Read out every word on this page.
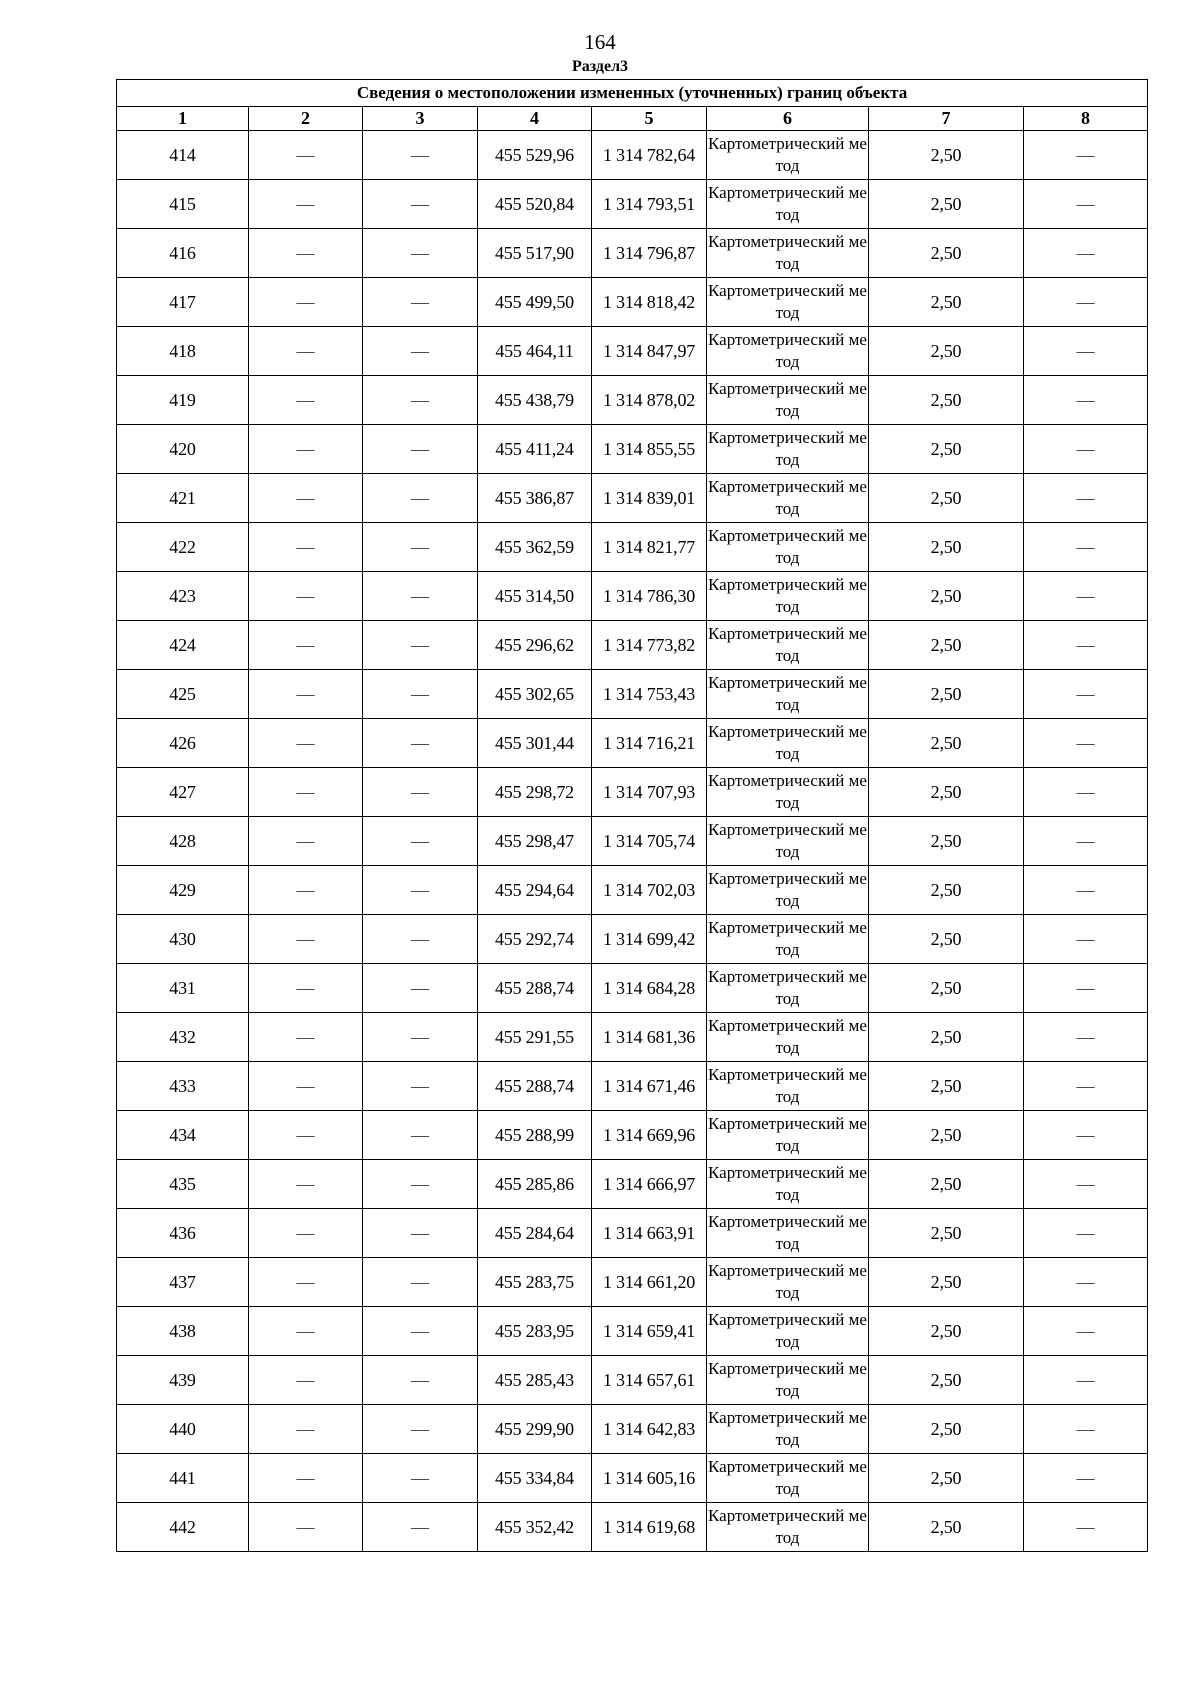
164
Раздел3
Сведения о местоположении измененных (уточненных) границ объекта							
1	2	3	4	5	6	7	8
414	—	—	455 529,96	1 314 782,64	Картометрический метод	2,50	—
415	—	—	455 520,84	1 314 793,51	Картометрический метод	2,50	—
416	—	—	455 517,90	1 314 796,87	Картометрический метод	2,50	—
417	—	—	455 499,50	1 314 818,42	Картометрический метод	2,50	—
418	—	—	455 464,11	1 314 847,97	Картометрический метод	2,50	—
419	—	—	455 438,79	1 314 878,02	Картометрический метод	2,50	—
420	—	—	455 411,24	1 314 855,55	Картометрический метод	2,50	—
421	—	—	455 386,87	1 314 839,01	Картометрический метод	2,50	—
422	—	—	455 362,59	1 314 821,77	Картометрический метод	2,50	—
423	—	—	455 314,50	1 314 786,30	Картометрический метод	2,50	—
424	—	—	455 296,62	1 314 773,82	Картометрический метод	2,50	—
425	—	—	455 302,65	1 314 753,43	Картометрический метод	2,50	—
426	—	—	455 301,44	1 314 716,21	Картометрический метод	2,50	—
427	—	—	455 298,72	1 314 707,93	Картометрический метод	2,50	—
428	—	—	455 298,47	1 314 705,74	Картометрический метод	2,50	—
429	—	—	455 294,64	1 314 702,03	Картометрический метод	2,50	—
430	—	—	455 292,74	1 314 699,42	Картометрический метод	2,50	—
431	—	—	455 288,74	1 314 684,28	Картометрический метод	2,50	—
432	—	—	455 291,55	1 314 681,36	Картометрический метод	2,50	—
433	—	—	455 288,74	1 314 671,46	Картометрический метод	2,50	—
434	—	—	455 288,99	1 314 669,96	Картометрический метод	2,50	—
435	—	—	455 285,86	1 314 666,97	Картометрический метод	2,50	—
436	—	—	455 284,64	1 314 663,91	Картометрический метод	2,50	—
437	—	—	455 283,75	1 314 661,20	Картометрический метод	2,50	—
438	—	—	455 283,95	1 314 659,41	Картометрический метод	2,50	—
439	—	—	455 285,43	1 314 657,61	Картометрический метод	2,50	—
440	—	—	455 299,90	1 314 642,83	Картометрический метод	2,50	—
441	—	—	455 334,84	1 314 605,16	Картометрический метод	2,50	—
442	—	—	455 352,42	1 314 619,68	Картометрический метод	2,50	—
